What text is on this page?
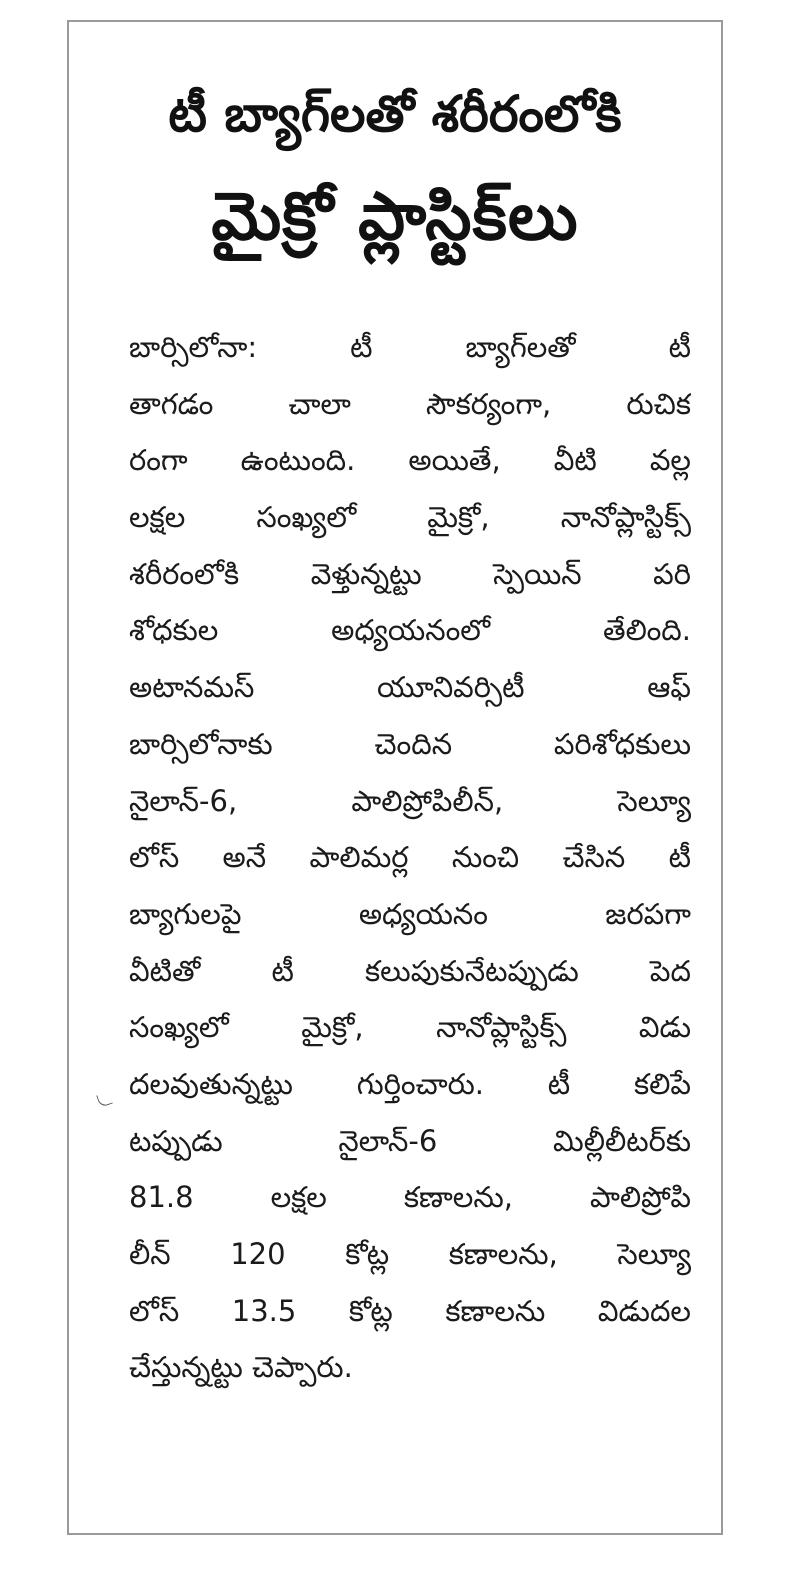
టీ బ్యాగ్‌లతో శరీరంలోకి
మైక్రో ప్లాస్టిక్‌లు
బార్సిలోనా: టీ బ్యాగ్‌లతో టీ
తాగడం చాలా సౌకర్యంగా, రుచిక
రంగా ఉంటుంది. అయితే, వీటి వల్ల
లక్షల సంఖ్యలో మైక్రో, నానోప్లాస్టిక్స్
శరీరంలోకి వెళ్తున్నట్టు స్పెయిన్ పరి
శోధకుల అధ్యయనంలో తేలింది.
అటానమస్ యూనివర్సిటీ ఆఫ్
బార్సిలోనాకు చెందిన పరిశోధకులు
నైలాన్-6, పాలిప్రోపిలీన్, సెల్యూ
లోస్ అనే పాలిమర్ల నుంచి చేసిన టీ
బ్యాగులపై అధ్యయనం జరపగా
వీటితో టీ కలుపుకునేటప్పుడు పెద
సంఖ్యలో మైక్రో, నానోప్లాస్టిక్స్ విడు
దలవుతున్నట్టు గుర్తించారు. టీ కలిపే
టప్పుడు నైలాన్-6 మిల్లీలీటర్‌కు
81.8 లక్షల కణాలను, పాలిప్రోపి
లీన్ 120 కోట్ల కణాలను, సెల్యూ
లోస్ 13.5 కోట్ల కణాలను విడుదల
చేస్తున్నట్టు చెప్పారు.
